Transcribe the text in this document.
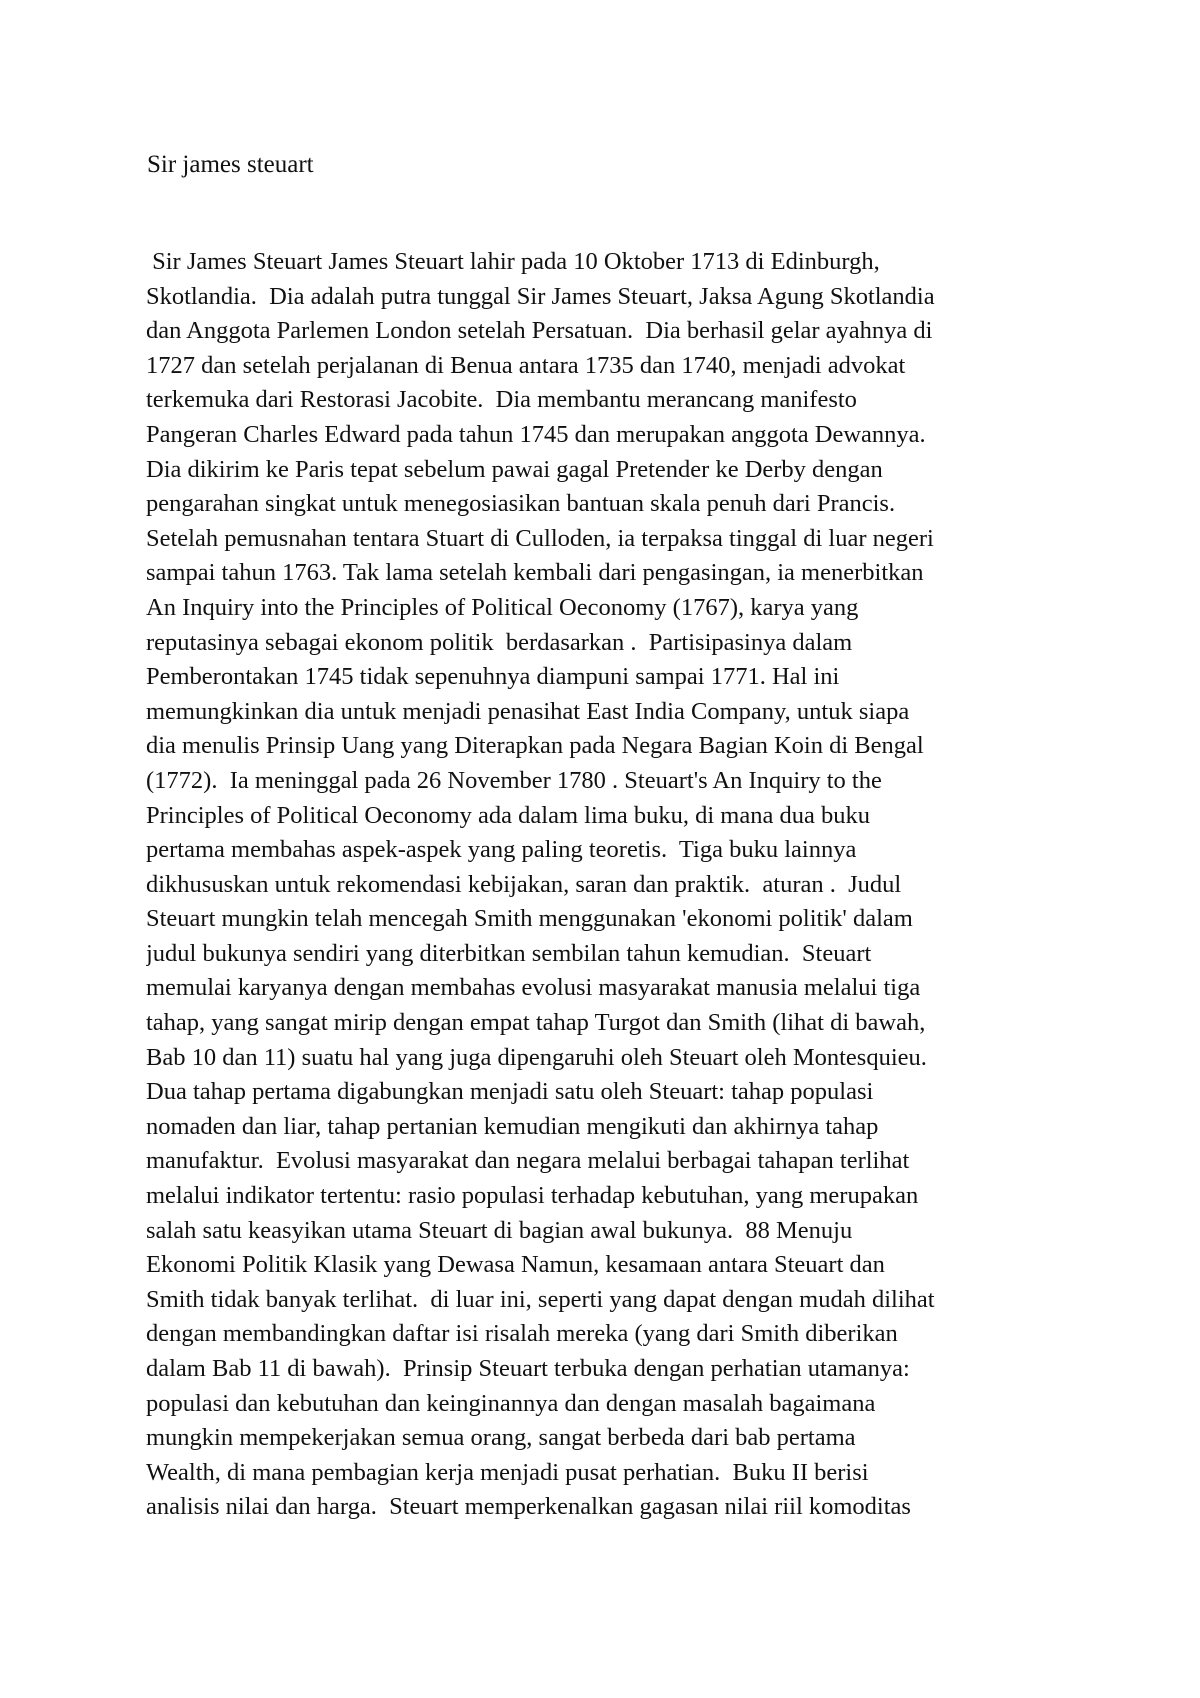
Sir james steuart
Sir James Steuart James Steuart lahir pada 10 Oktober 1713 di Edinburgh,
Skotlandia.  Dia adalah putra tunggal Sir James Steuart, Jaksa Agung Skotlandia
dan Anggota Parlemen London setelah Persatuan.  Dia berhasil gelar ayahnya di
1727 dan setelah perjalanan di Benua antara 1735 dan 1740, menjadi advokat
terkemuka dari Restorasi Jacobite.  Dia membantu merancang manifesto
Pangeran Charles Edward pada tahun 1745 dan merupakan anggota Dewannya.
Dia dikirim ke Paris tepat sebelum pawai gagal Pretender ke Derby dengan
pengarahan singkat untuk menegosiasikan bantuan skala penuh dari Prancis.
Setelah pemusnahan tentara Stuart di Culloden, ia terpaksa tinggal di luar negeri
sampai tahun 1763. Tak lama setelah kembali dari pengasingan, ia menerbitkan
An Inquiry into the Principles of Political Oeconomy (1767), karya yang
reputasinya sebagai ekonom politik  berdasarkan .  Partisipasinya dalam
Pemberontakan 1745 tidak sepenuhnya diampuni sampai 1771. Hal ini
memungkinkan dia untuk menjadi penasihat East India Company, untuk siapa
dia menulis Prinsip Uang yang Diterapkan pada Negara Bagian Koin di Bengal
(1772).  Ia meninggal pada 26 November 1780 . Steuart's An Inquiry to the
Principles of Political Oeconomy ada dalam lima buku, di mana dua buku
pertama membahas aspek-aspek yang paling teoretis.  Tiga buku lainnya
dikhususkan untuk rekomendasi kebijakan, saran dan praktik.  aturan .  Judul
Steuart mungkin telah mencegah Smith menggunakan 'ekonomi politik' dalam
judul bukunya sendiri yang diterbitkan sembilan tahun kemudian.  Steuart
memulai karyanya dengan membahas evolusi masyarakat manusia melalui tiga
tahap, yang sangat mirip dengan empat tahap Turgot dan Smith (lihat di bawah,
Bab 10 dan 11) suatu hal yang juga dipengaruhi oleh Steuart oleh Montesquieu.
Dua tahap pertama digabungkan menjadi satu oleh Steuart: tahap populasi
nomaden dan liar, tahap pertanian kemudian mengikuti dan akhirnya tahap
manufaktur.  Evolusi masyarakat dan negara melalui berbagai tahapan terlihat
melalui indikator tertentu: rasio populasi terhadap kebutuhan, yang merupakan
salah satu keasyikan utama Steuart di bagian awal bukunya.  88 Menuju
Ekonomi Politik Klasik yang Dewasa Namun, kesamaan antara Steuart dan
Smith tidak banyak terlihat.  di luar ini, seperti yang dapat dengan mudah dilihat
dengan membandingkan daftar isi risalah mereka (yang dari Smith diberikan
dalam Bab 11 di bawah).  Prinsip Steuart terbuka dengan perhatian utamanya:
populasi dan kebutuhan dan keinginannya dan dengan masalah bagaimana
mungkin mempekerjakan semua orang, sangat berbeda dari bab pertama
Wealth, di mana pembagian kerja menjadi pusat perhatian.  Buku II berisi
analisis nilai dan harga.  Steuart memperkenalkan gagasan nilai riil komoditas
